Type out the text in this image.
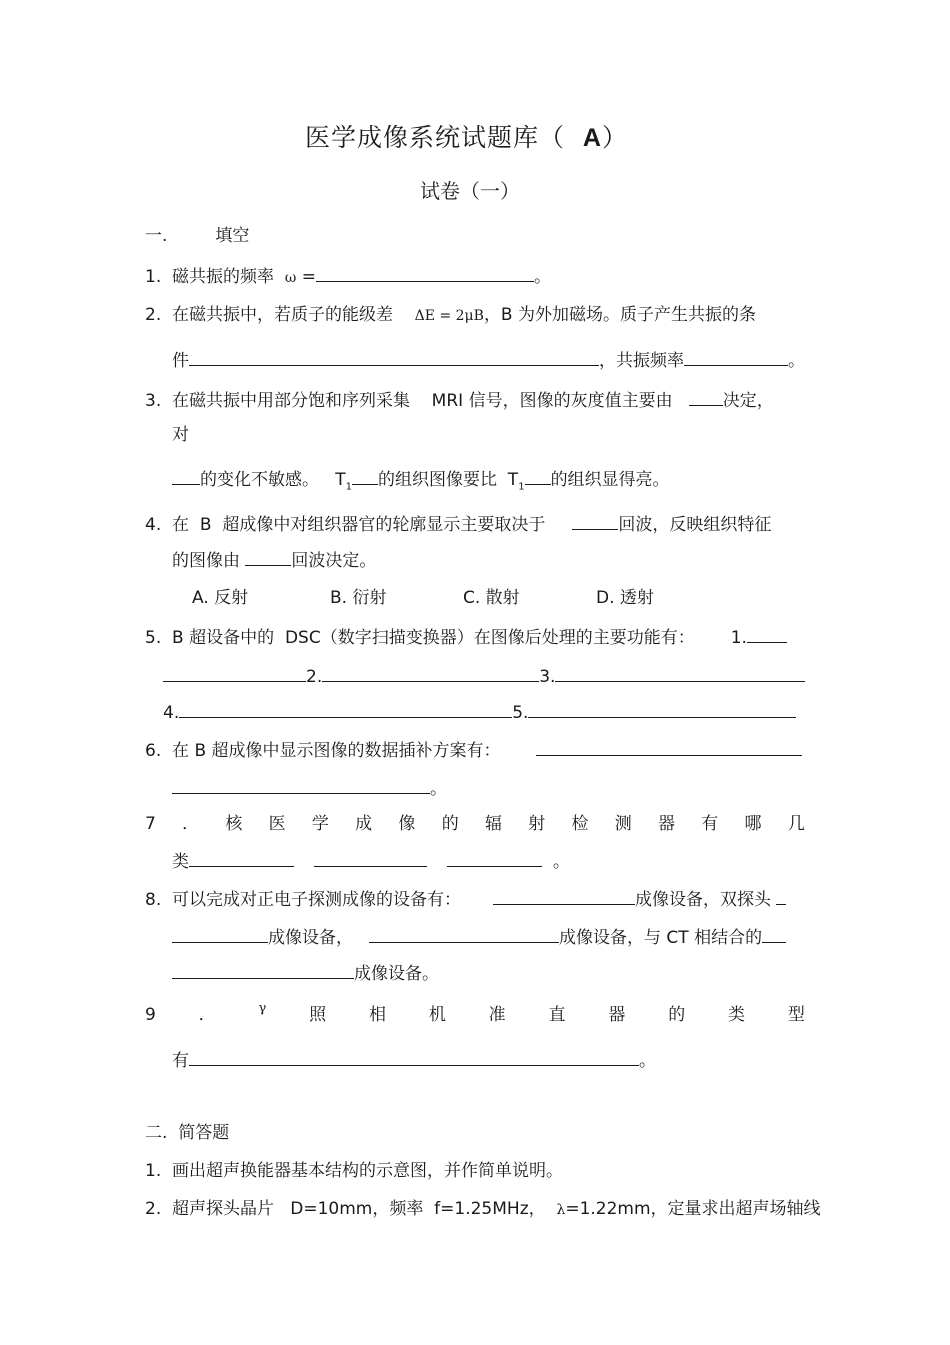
医学成像系统试题库（ A）
试卷（一）
一.	填空
1. 磁共振的频率 ω =	。
2. 在磁共振中，若质子的能级差 ΔE = 2μB，B 为外加磁场。质子产生共振的条
件	，共振频率	。
3. 在磁共振中用部分饱和序列采集 MRI 信号，图像的灰度值主要由	决定，
对
的变化不敏感。 $T_1$ 的组织图像要比 $T_1$ 的组织显得亮。
4. 在 B 超成像中对组织器官的轮廓显示主要取决于	回波，反映组织特征
的图像由	回波决定。
A. 反射	B. 衍射	C. 散射	D. 透射
5. B 超设备中的 DSC（数字扫描变换器）在图像后处理的主要功能有： 1.
2.	3.
4.	5.
6. 在 B 超成像中显示图像的数据插补方案有：
。
7 ． 核 医 学 成 像 的 辐 射 检 测 器 有 哪 几
类	。
8. 可以完成对正电子探测成像的设备有：	成像设备，双探头
成像设备，	成像设备，与 CT 相结合的
成像设备。
9	．	γ	照	相	机	准	直	器	的	类	型
有	。
二. 简答题
1. 画出超声换能器基本结构的示意图，并作简单说明。
2. 超声探头晶片 D=10mm，频率 f=1.25MHz， λ=1.22mm，定量求出超声场轴线
